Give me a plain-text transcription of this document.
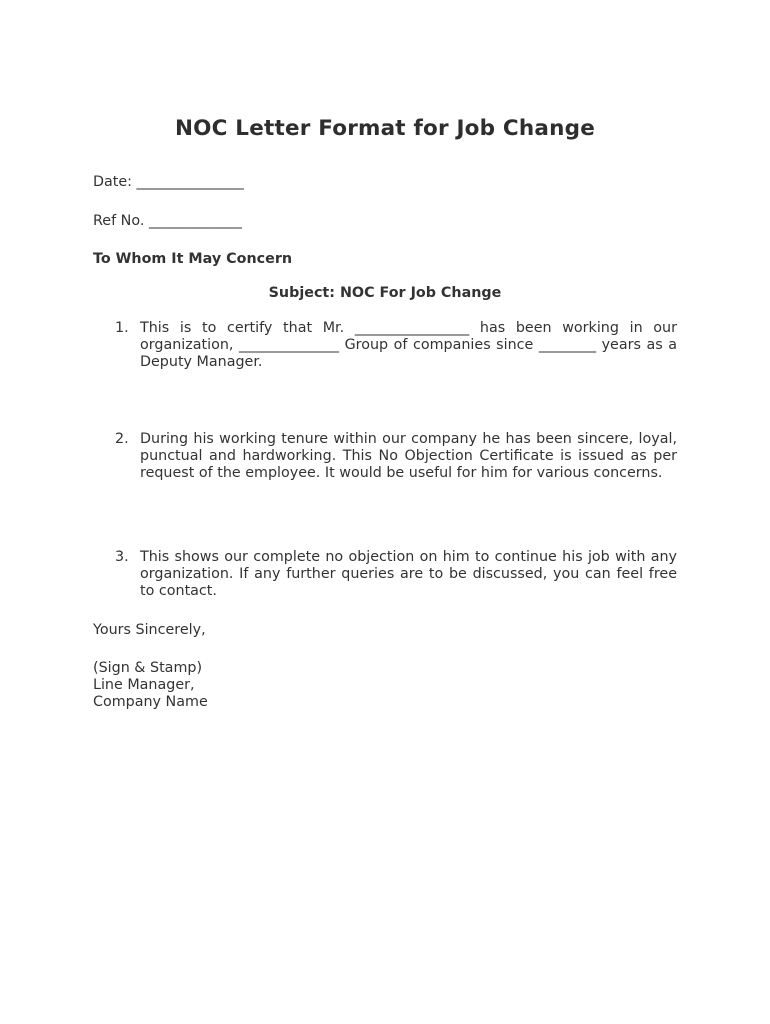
NOC Letter Format for Job Change
Date: _______________
Ref No. _____________
To Whom It May Concern
Subject: NOC For Job Change
1. This is to certify that Mr. ________________ has been working in our organization, ______________ Group of companies since ________ years as a Deputy Manager.
2. During his working tenure within our company he has been sincere, loyal, punctual and hardworking. This No Objection Certificate is issued as per request of the employee. It would be useful for him for various concerns.
3. This shows our complete no objection on him to continue his job with any organization. If any further queries are to be discussed, you can feel free to contact.
Yours Sincerely,
(Sign & Stamp)
Line Manager,
Company Name
